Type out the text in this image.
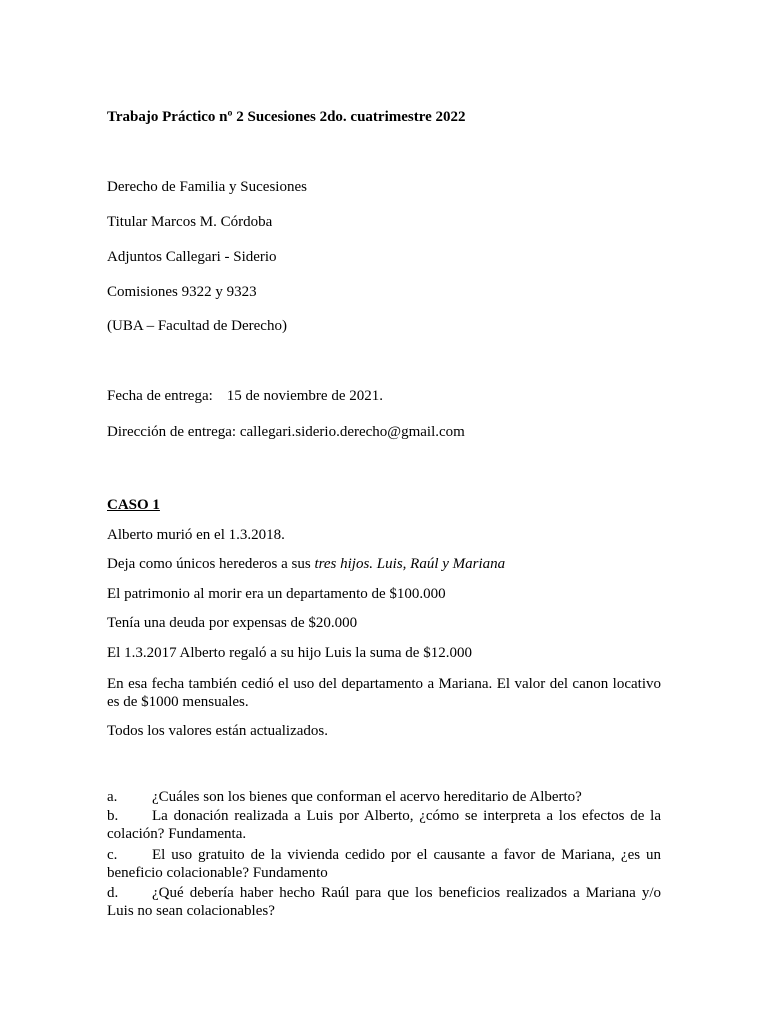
Trabajo Práctico nº 2 Sucesiones 2do. cuatrimestre 2022
Derecho de Familia y Sucesiones
Titular Marcos M. Córdoba
Adjuntos Callegari - Siderio
Comisiones 9322 y 9323
(UBA – Facultad de Derecho)
Fecha de entrega: 15 de noviembre de 2021.
Dirección de entrega: callegari.siderio.derecho@gmail.com
CASO 1
Alberto murió en el 1.3.2018.
Deja como únicos herederos a sus tres hijos. Luis, Raúl y Mariana
El patrimonio al morir era un departamento de $100.000
Tenía una deuda por expensas de $20.000
El 1.3.2017 Alberto regaló a su hijo Luis la suma de $12.000
En esa fecha también cedió el uso del departamento a Mariana. El valor del canon locativo es de $1000 mensuales.
Todos los valores están actualizados.
a. ¿Cuáles son los bienes que conforman el acervo hereditario de Alberto?
b. La donación realizada a Luis por Alberto, ¿cómo se interpreta a los efectos de la colación? Fundamenta.
c. El uso gratuito de la vivienda cedido por el causante a favor de Mariana, ¿es un beneficio colacionable? Fundamento
d. ¿Qué debería haber hecho Raúl para que los beneficios realizados a Mariana y/o Luis no sean colacionables?
